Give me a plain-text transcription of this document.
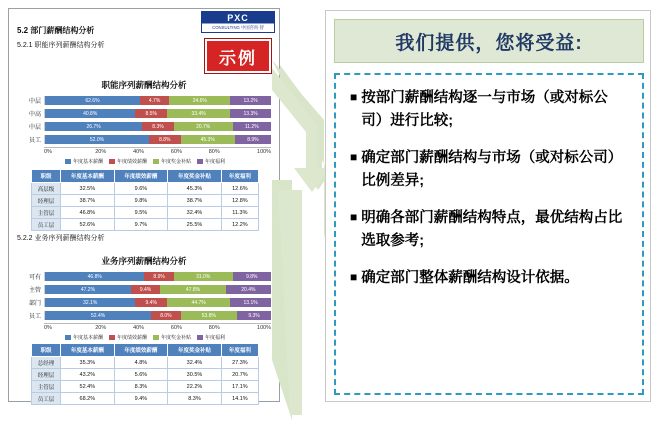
PXC
CONSULTING 中国咨询·智
5.2 部门薪酬结构分析
5.2.1 职能序列薪酬结构分析
示例
职能序列薪酬结构分析
中层	62.6%	4.7%	24.6%	13.2%
中高	40.8%	8.5%	33.4%	13.3%
中层	26.7%	8.3%	20.7%	11.2%
员工	52.0%	8.8%	45.3%	8.9%
0%	20%	40%	60%	80%	100%
年度基本薪酬	年度绩效薪酬	年度奖金补贴	年度福利
职级	年度基本薪酬	年度绩效薪酬	年度奖金补贴	年度福利
高层级	32.5%	9.6%	45.3%	12.6%
经理层	38.7%	9.8%	38.7%	12.8%
主管层	46.8%	9.5%	32.4%	11.3%
员工层	52.6%	9.7%	25.5%	12.2%
5.2.2 业务序列薪酬结构分析
业务序列薪酬结构分析
可有	46.8%	8.9%	31.0%	9.8%
主管	47.2%	9.4%	47.8%	20.4%
部门	32.1%	9.4%	44.7%	13.1%
员工	52.4%	8.0%	53.8%	9.3%
0%	20%	40%	60%	80%	100%
年度基本薪酬	年度绩效薪酬	年度奖金补贴	年度福利
职级	年度基本薪酬	年度绩效薪酬	年度奖金补贴	年度福利
总经理	35.3%	4.8%	32.4%	27.3%
经理层	43.2%	5.6%	30.5%	20.7%
主管层	52.4%	8.3%	22.2%	17.1%
员工层	68.2%	9.4%	8.3%	14.1%
我们提供，您将受益:
■ 按部门薪酬结构逐一与市场（或对标公司）进行比较;
■ 确定部门薪酬结构与市场（或对标公司）比例差异;
■ 明确各部门薪酬结构特点，最优结构占比选取参考;
■ 确定部门整体薪酬结构设计依据。
